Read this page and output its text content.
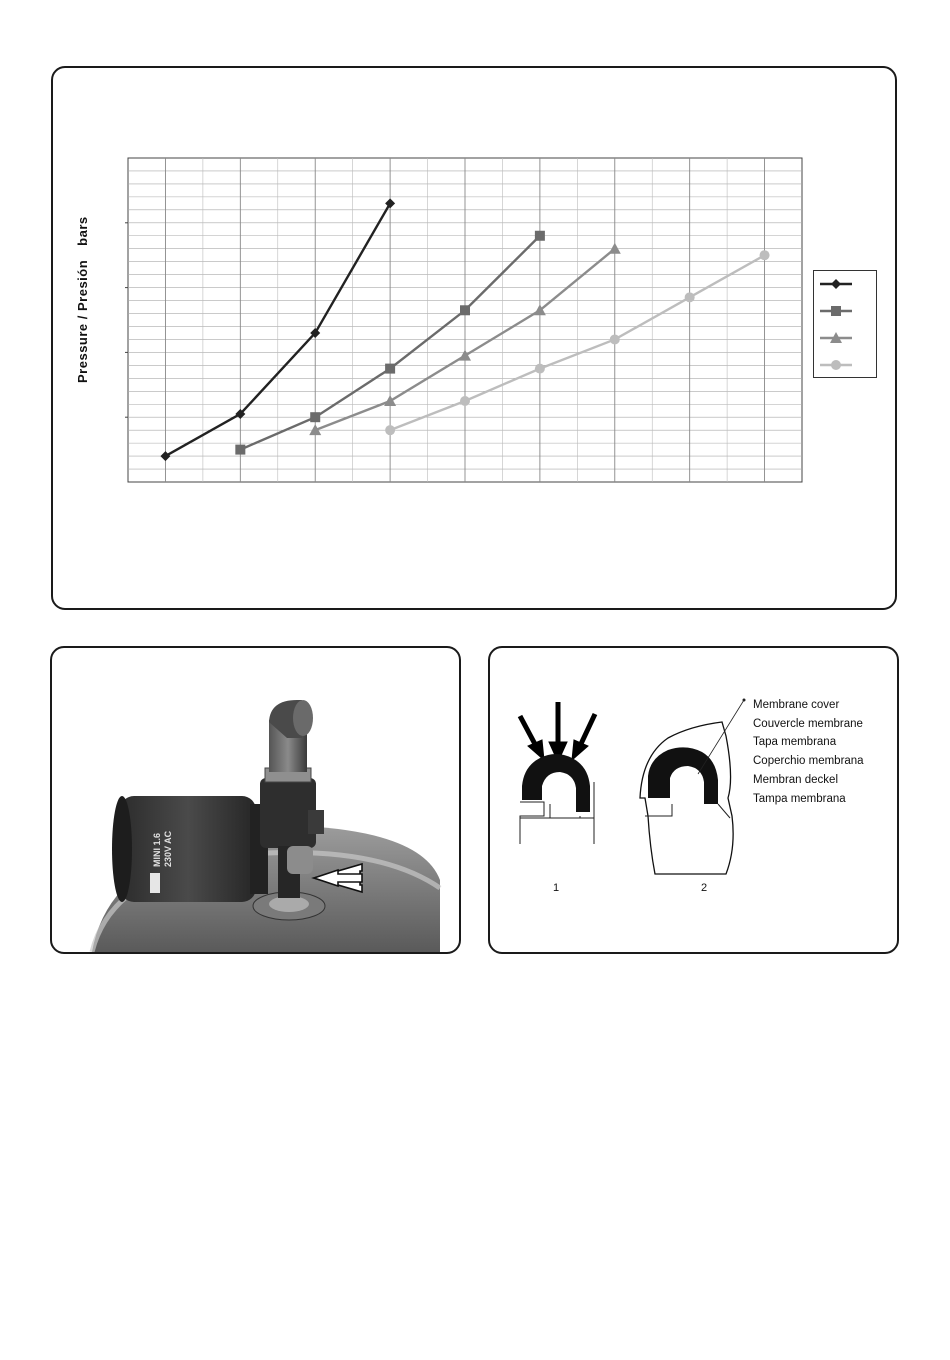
Pressure / Presiónbars
MINI 1.6 230V AC
Membrane cover
Couvercle membrane
Tapa membrana
Coperchio membrana
Membran deckel
Tampa membrana
1	2
